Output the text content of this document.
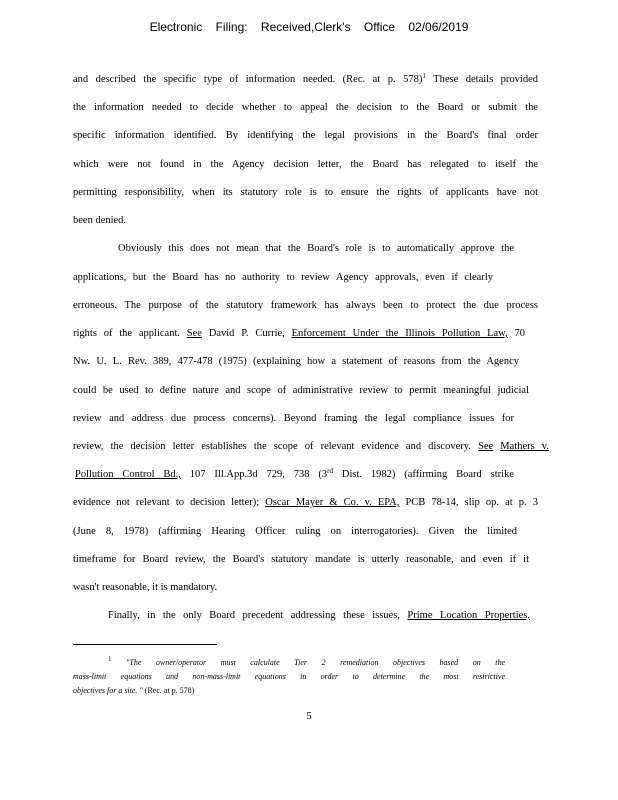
Electronic Filing: Received,Clerk's Office 02/06/2019
and described the specific type of information needed. (Rec. at p. 578)$^1$ These details provided
the information needed to decide whether to appeal the decision to the Board or submit the
specific information identified. By identifying the legal provisions in the Board's final order
which were not found in the Agency decision letter, the Board has relegated to itself the
permitting responsibility, when its statutory role is to ensure the rights of applicants have not
been denied.
Obviously this does not mean that the Board's role is to automatically approve the
applications, but the Board has no authority to review Agency approvals, even if clearly
erroneous. The purpose of the statutory framework has always been to protect the due process
rights of the applicant. See David P. Currie, Enforcement Under the Illinois Pollution Law, 70
Nw. U. L. Rev. 389, 477-478 (1975) (explaining how a statement of reasons from the Agency
could be used to define nature and scope of administrative review to permit meaningful judicial
review and address due process concerns). Beyond framing the legal compliance issues for
review, the decision letter establishes the scope of relevant evidence and discovery. See Mathers v.
Pollution Control Bd., 107 Ill.App.3d 729, 738 (3rd Dist. 1982) (affirming Board strike
evidence not relevant to decision letter); Oscar Mayer & Co. v. EPA, PCB 78-14, slip op. at p. 3
(June 8, 1978) (affirming Hearing Officer ruling on interrogatories). Given the limited
timeframe for Board review, the Board's statutory mandate is utterly reasonable, and even if it
wasn't reasonable, it is mandatory.
Finally, in the only Board precedent addressing these issues, Prime Location Properties,
$^1$ "The owner/operator must calculate Tier 2 remediation objectives based on the
mass-limit equations and non-mass-limit equations in order to determine the most restrictive
objectives for a site. " (Rec. at p. 578)
5
